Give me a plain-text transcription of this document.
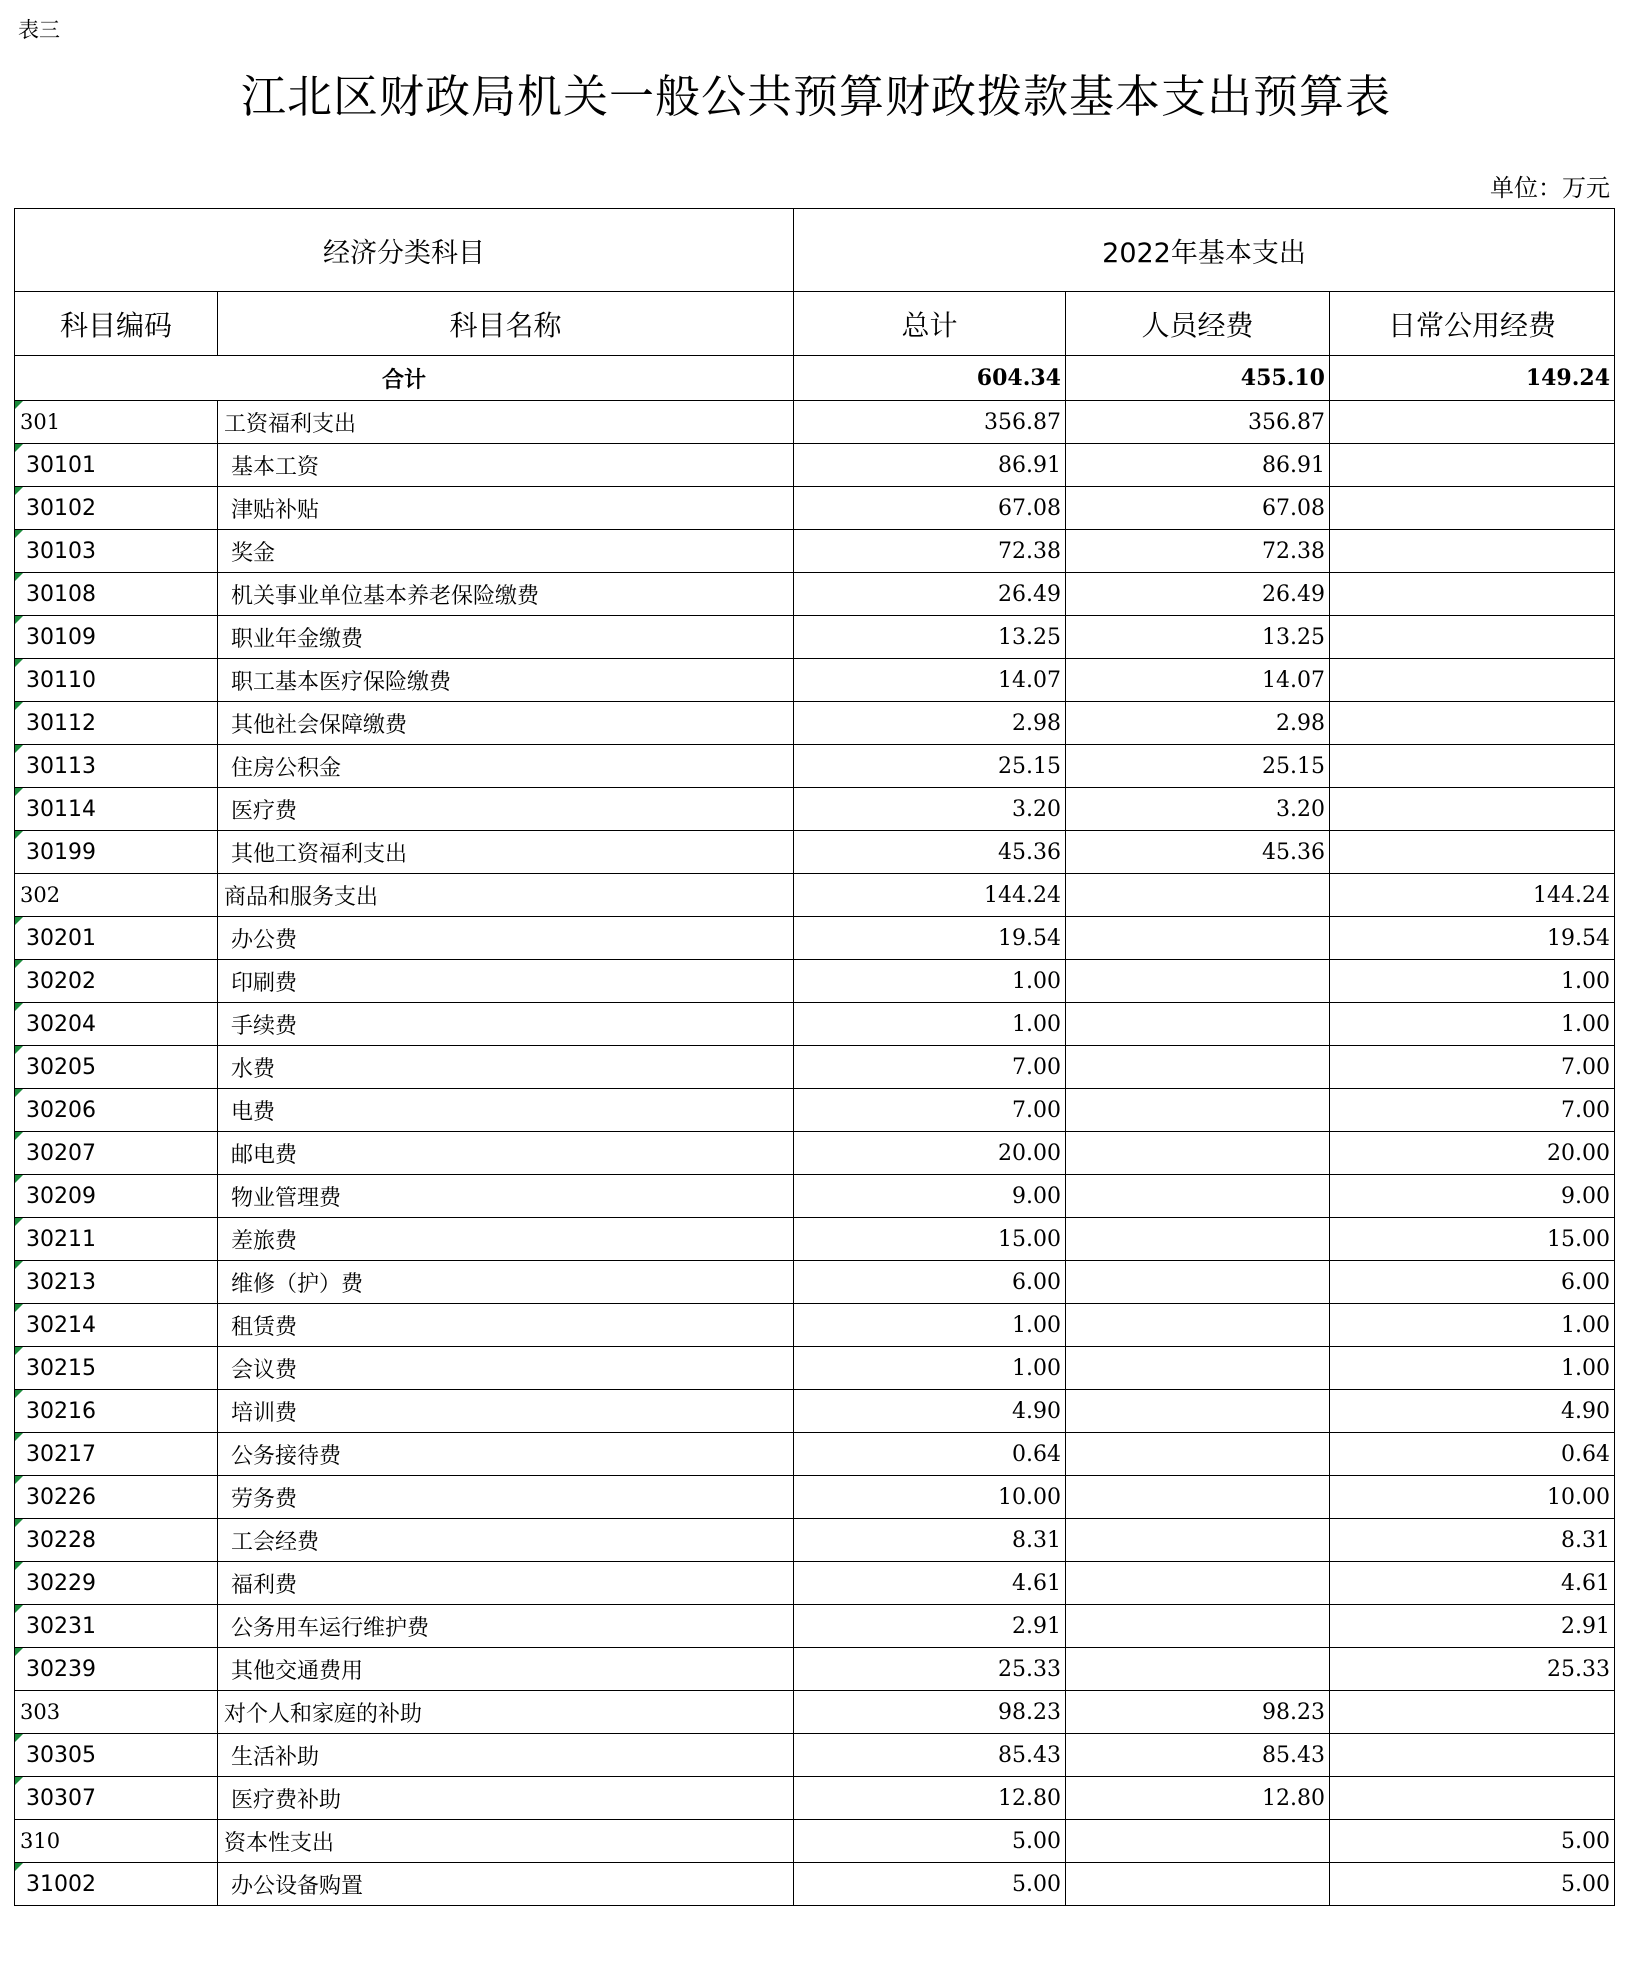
表三
江北区财政局机关一般公共预算财政拨款基本支出预算表
单位：万元
经济分类科目		2022年基本支出		
科目编码	科目名称	总计	人员经费	日常公用经费
合计		604.34	455.10	149.24

301	工资福利支出	356.87	356.87	

30101	基本工资	86.91	86.91	

30102	津贴补贴	67.08	67.08	

30103	奖金	72.38	72.38	

30108	机关事业单位基本养老保险缴费	26.49	26.49	

30109	职业年金缴费	13.25	13.25	

30110	职工基本医疗保险缴费	14.07	14.07	

30112	其他社会保障缴费	2.98	2.98	

30113	住房公积金	25.15	25.15	

30114	医疗费	3.20	3.20	

30199	其他工资福利支出	45.36	45.36	
302	商品和服务支出	144.24		144.24

30201	办公费	19.54		19.54

30202	印刷费	1.00		1.00

30204	手续费	1.00		1.00

30205	水费	7.00		7.00

30206	电费	7.00		7.00

30207	邮电费	20.00		20.00

30209	物业管理费	9.00		9.00

30211	差旅费	15.00		15.00

30213	维修（护）费	6.00		6.00

30214	租赁费	1.00		1.00

30215	会议费	1.00		1.00

30216	培训费	4.90		4.90

30217	公务接待费	0.64		0.64

30226	劳务费	10.00		10.00

30228	工会经费	8.31		8.31

30229	福利费	4.61		4.61

30231	公务用车运行维护费	2.91		2.91

30239	其他交通费用	25.33		25.33
303	对个人和家庭的补助	98.23	98.23	

30305	生活补助	85.43	85.43	

30307	医疗费补助	12.80	12.80	
310	资本性支出	5.00		5.00

31002	办公设备购置	5.00		5.00
